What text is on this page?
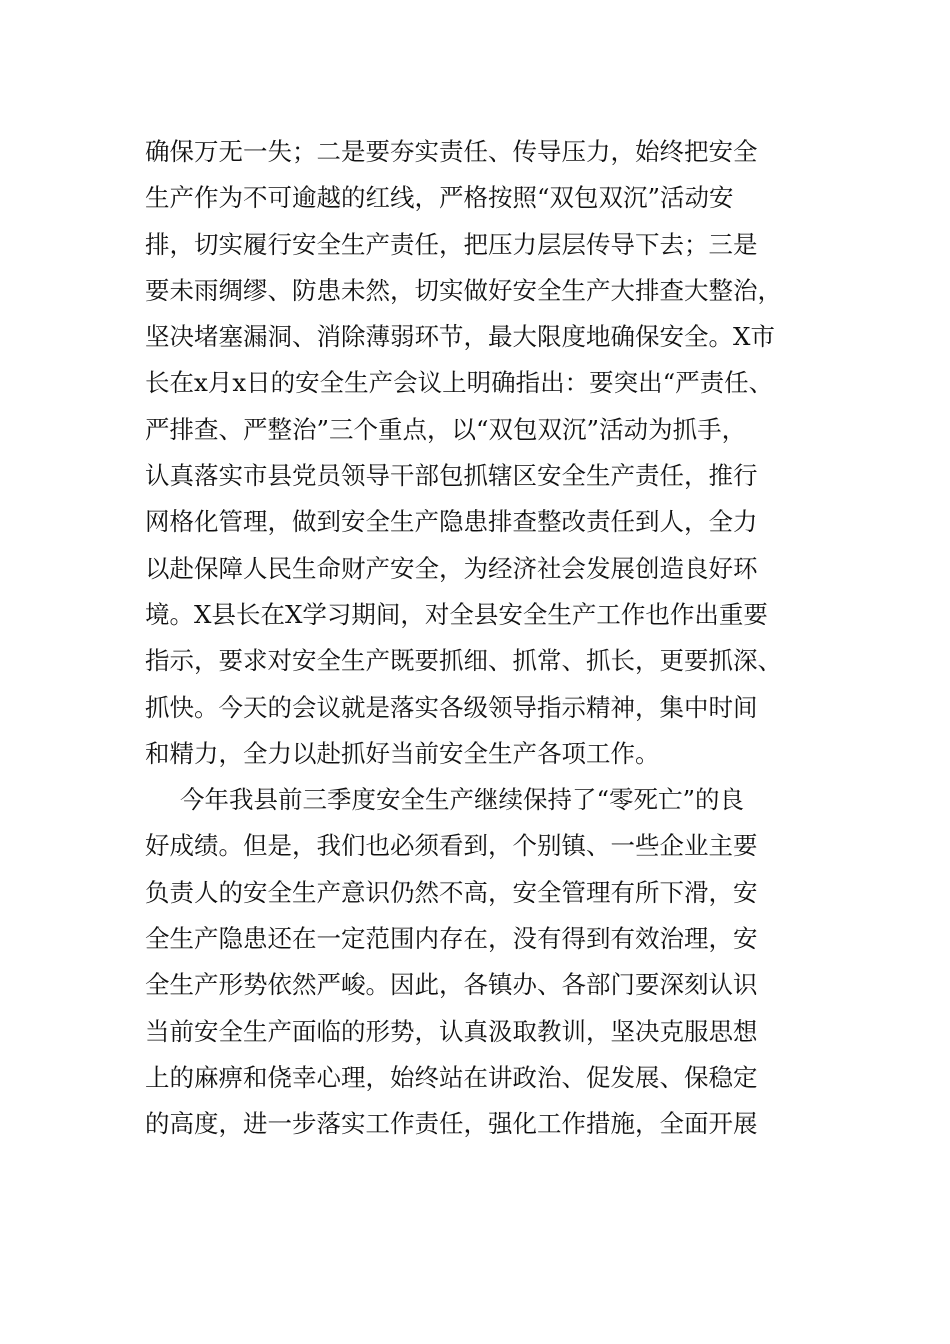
确保万无一失；二是要夯实责任、传导压力，始终把安全
生产作为不可逾越的红线，严格按照“双包双沉”活动安
排，切实履行安全生产责任，把压力层层传导下去；三是
要未雨绸缪、防患未然，切实做好安全生产大排查大整治，
坚决堵塞漏洞、消除薄弱环节，最大限度地确保安全。X市
长在x月x日的安全生产会议上明确指出：要突出“严责任、
严排查、严整治”三个重点，以“双包双沉”活动为抓手，
认真落实市县党员领导干部包抓辖区安全生产责任，推行
网格化管理，做到安全生产隐患排查整改责任到人，全力
以赴保障人民生命财产安全，为经济社会发展创造良好环
境。X县长在X学习期间，对全县安全生产工作也作出重要
指示，要求对安全生产既要抓细、抓常、抓长，更要抓深、
抓快。今天的会议就是落实各级领导指示精神，集中时间
和精力，全力以赴抓好当前安全生产各项工作。
今年我县前三季度安全生产继续保持了“零死亡”的良
好成绩。但是，我们也必须看到，个别镇、一些企业主要
负责人的安全生产意识仍然不高，安全管理有所下滑，安
全生产隐患还在一定范围内存在，没有得到有效治理，安
全生产形势依然严峻。因此，各镇办、各部门要深刻认识
当前安全生产面临的形势，认真汲取教训，坚决克服思想
上的麻痹和侥幸心理，始终站在讲政治、促发展、保稳定
的高度，进一步落实工作责任，强化工作措施，全面开展
